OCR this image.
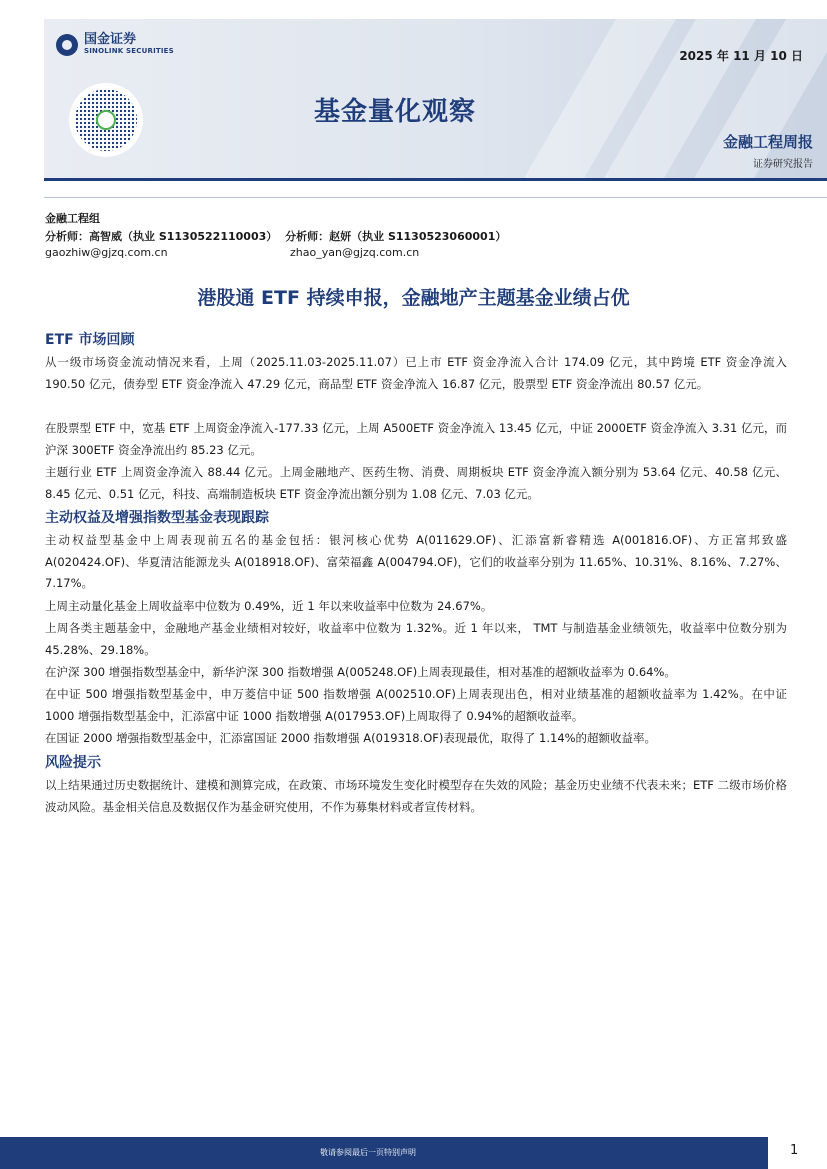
国金证券
SINOLINK SECURITIES	2025 年 11 月 10 日
基金量化观察
金融工程周报
证券研究报告
金融工程组
分析师：高智威（执业 S1130522110003） 分析师：赵妍（执业 S1130523060001）
gaozhiw@gjzq.com.cn	zhao_yan@gjzq.com.cn
港股通 ETF 持续申报，金融地产主题基金业绩占优
ETF 市场回顾
从一级市场资金流动情况来看，上周（2025.11.03-2025.11.07）已上市 ETF 资金净流入合计 174.09 亿元，其中跨境 ETF 资金净流入 190.50 亿元，债券型 ETF 资金净流入 47.29 亿元，商品型 ETF 资金净流入 16.87 亿元，股票型 ETF 资金净流出 80.57 亿元。
在股票型 ETF 中，宽基 ETF 上周资金净流入-177.33 亿元，上周 A500ETF 资金净流入 13.45 亿元，中证 2000ETF 资金净流入 3.31 亿元，而沪深 300ETF 资金净流出约 85.23 亿元。
主题行业 ETF 上周资金净流入 88.44 亿元。上周金融地产、医药生物、消费、周期板块 ETF 资金净流入额分别为 53.64 亿元、40.58 亿元、8.45 亿元、0.51 亿元，科技、高端制造板块 ETF 资金净流出额分别为 1.08 亿元、7.03 亿元。
主动权益及增强指数型基金表现跟踪
主动权益型基金中上周表现前五名的基金包括：银河核心优势 A(011629.OF)、汇添富新睿精选 A(001816.OF)、方正富邦致盛 A(020424.OF)、华夏清洁能源龙头 A(018918.OF)、富荣福鑫 A(004794.OF)，它们的收益率分别为 11.65%、10.31%、8.16%、7.27%、7.17%。
上周主动量化基金上周收益率中位数为 0.49%，近 1 年以来收益率中位数为 24.67%。
上周各类主题基金中，金融地产基金业绩相对较好，收益率中位数为 1.32%。近 1 年以来， TMT 与制造基金业绩领先，收益率中位数分别为 45.28%、29.18%。
在沪深 300 增强指数型基金中，新华沪深 300 指数增强 A(005248.OF)上周表现最佳，相对基准的超额收益率为 0.64%。
在中证 500 增强指数型基金中，申万菱信中证 500 指数增强 A(002510.OF)上周表现出色，相对业绩基准的超额收益率为 1.42%。在中证 1000 增强指数型基金中，汇添富中证 1000 指数增强 A(017953.OF)上周取得了 0.94%的超额收益率。
在国证 2000 增强指数型基金中，汇添富国证 2000 指数增强 A(019318.OF)表现最优，取得了 1.14%的超额收益率。
风险提示
以上结果通过历史数据统计、建模和测算完成，在政策、市场环境发生变化时模型存在失效的风险；基金历史业绩不代表未来；ETF 二级市场价格波动风险。基金相关信息及数据仅作为基金研究使用，不作为募集材料或者宣传材料。
敬请参阅最后一页特别声明	1
